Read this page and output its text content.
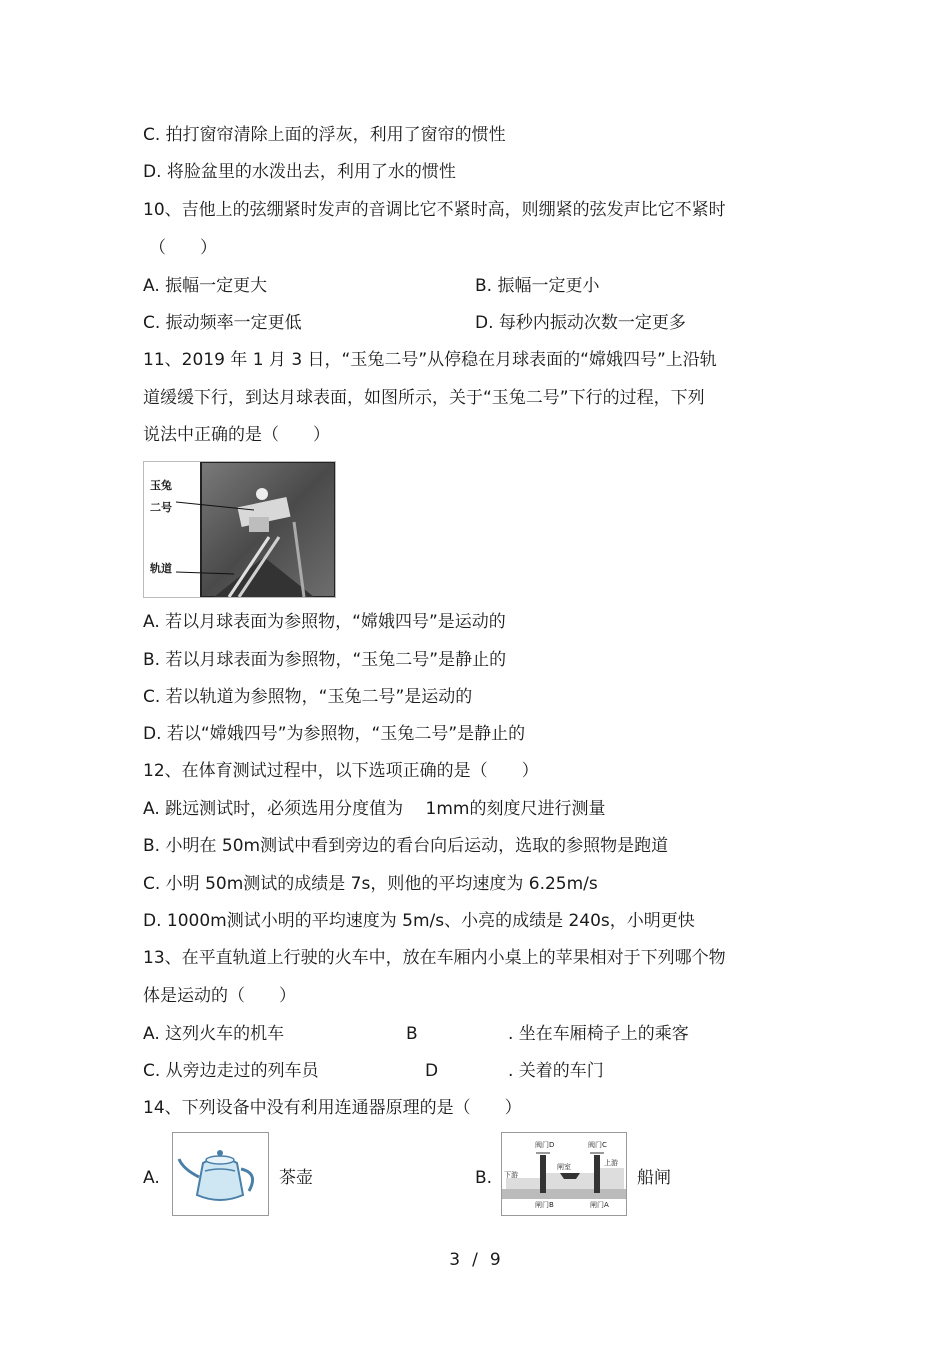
C. 拍打窗帘清除上面的浮灰，利用了窗帘的惯性
D. 将脸盆里的水泼出去，利用了水的惯性
10、吉他上的弦绷紧时发声的音调比它不紧时高，则绷紧的弦发声比它不紧时
（　　）
A. 振幅一定更大	B. 振幅一定更小
C. 振动频率一定更低	D. 每秒内振动次数一定更多
11、2019 年 1 月 3 日，“玉兔二号”从停稳在月球表面的“嫦娥四号”上沿轨
道缓缓下行，到达月球表面，如图所示，关于“玉兔二号”下行的过程，下列
说法中正确的是（　　）
玉兔
二号
轨道
A. 若以月球表面为参照物，“嫦娥四号”是运动的
B. 若以月球表面为参照物，“玉兔二号”是静止的
C. 若以轨道为参照物，“玉兔二号”是运动的
D. 若以“嫦娥四号”为参照物，“玉兔二号”是静止的
12、在体育测试过程中，以下选项正确的是（　　）
A. 跳远测试时，必须选用分度值为　 1mm的刻度尺进行测量
B. 小明在 50m测试中看到旁边的看台向后运动，选取的参照物是跑道
C. 小明 50m测试的成绩是 7s，则他的平均速度为 6.25m/s
D. 1000m测试小明的平均速度为 5m/s、小亮的成绩是 240s，小明更快
13、在平直轨道上行驶的火车中，放在车厢内小桌上的苹果相对于下列哪个物
体是运动的（　　）
A. 这列火车的机车	B	. 坐在车厢椅子上的乘客
C. 从旁边走过的列车员	D	. 关着的车门
14、下列设备中没有利用连通器原理的是（　　）
A.	茶壶	B.
阀门D	阀门C
下游
闸室	上游
闸门B	闸门A
船闸
3 / 9
